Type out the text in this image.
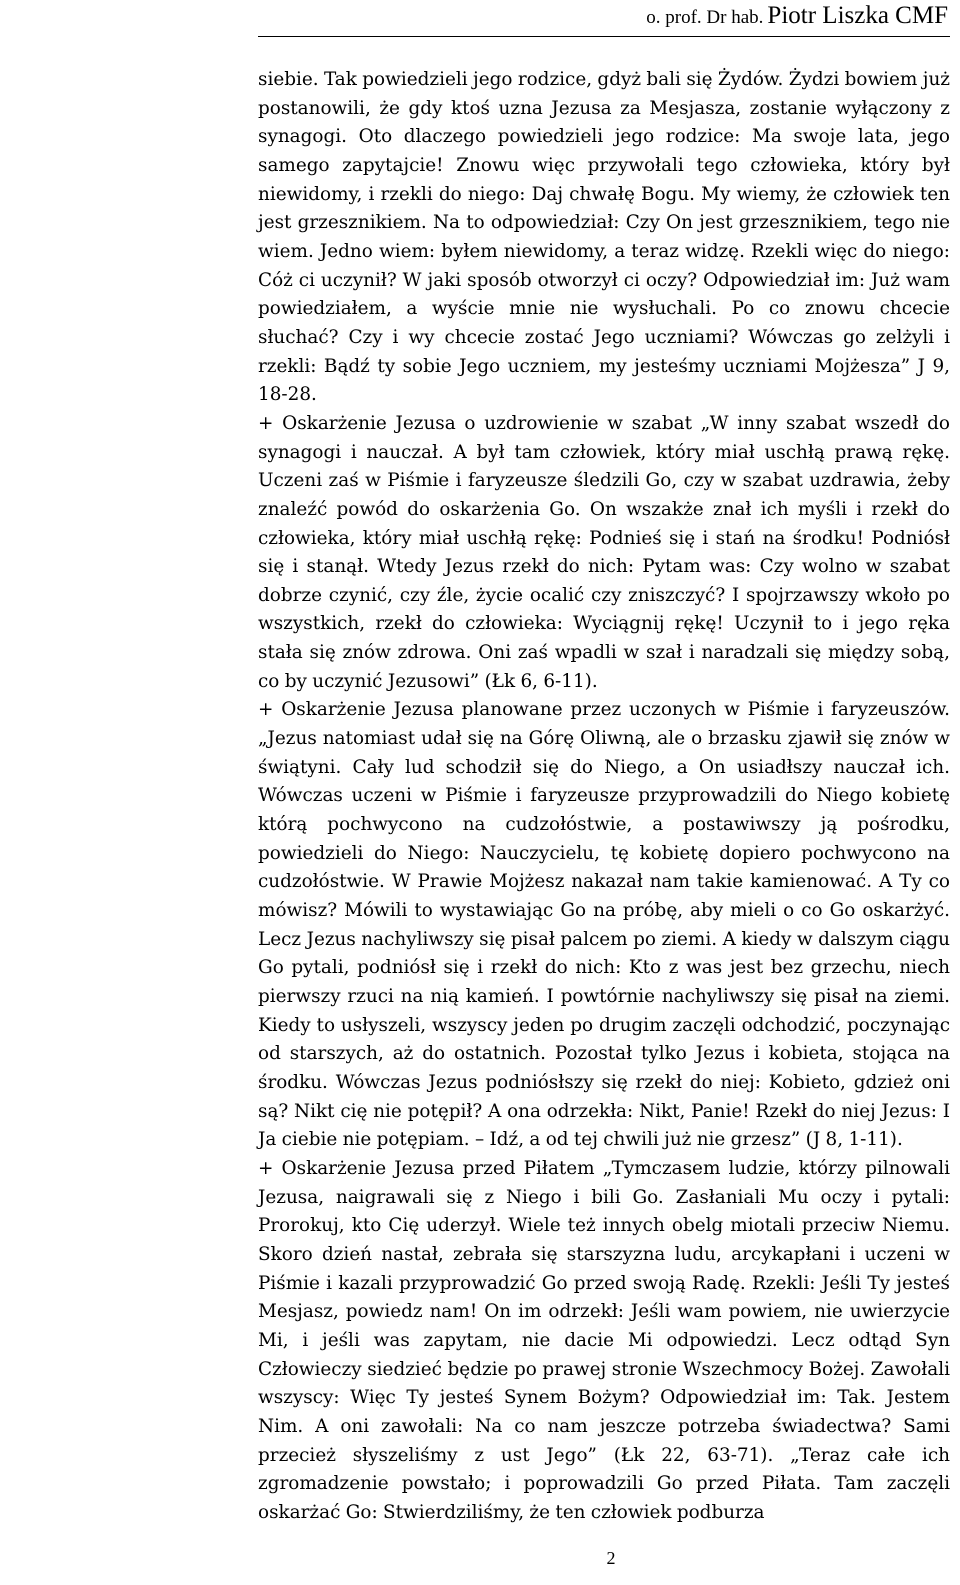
o. prof. Dr hab. Piotr Liszka CMF

siebie. Tak powiedzieli jego rodzice, gdyż bali się Żydów. Żydzi bowiem już postanowili, że gdy ktoś uzna Jezusa za Mesjasza, zostanie wyłączony z synagogi. Oto dlaczego powiedzieli jego rodzice: Ma swoje lata, jego samego zapytajcie! Znowu więc przywołali tego człowieka, który był niewidomy, i rzekli do niego: Daj chwałę Bogu. My wiemy, że człowiek ten jest grzesznikiem. Na to odpowiedział: Czy On jest grzesznikiem, tego nie wiem. Jedno wiem: byłem niewidomy, a teraz widzę. Rzekli więc do niego: Cóż ci uczynił? W jaki sposób otworzył ci oczy? Odpowiedział im: Już wam powiedziałem, a wyście mnie nie wysłuchali. Po co znowu chcecie słuchać? Czy i wy chcecie zostać Jego uczniami? Wówczas go zelżyli i rzekli: Bądź ty sobie Jego uczniem, my jesteśmy uczniami Mojżesza” J 9, 18-28.

+ Oskarżenie Jezusa o uzdrowienie w szabat „W inny szabat wszedł do synagogi i nauczał. A był tam człowiek, który miał uschłą prawą rękę. Uczeni zaś w Piśmie i faryzeusze śledzili Go, czy w szabat uzdrawia, żeby znaleźć powód do oskarżenia Go. On wszakże znał ich myśli i rzekł do człowieka, który miał uschłą rękę: Podnieś się i stań na środku! Podniósł się i stanął. Wtedy Jezus rzekł do nich: Pytam was: Czy wolno w szabat dobrze czynić, czy źle, życie ocalić czy zniszczyć? I spojrzawszy wkoło po wszystkich, rzekł do człowieka: Wyciągnij rękę! Uczynił to i jego ręka stała się znów zdrowa. Oni zaś wpadli w szał i naradzali się między sobą, co by uczynić Jezusowi” (Łk 6, 6-11).

+ Oskarżenie Jezusa planowane przez uczonych w Piśmie i faryzeuszów. „Jezus natomiast udał się na Górę Oliwną, ale o brzasku zjawił się znów w świątyni. Cały lud schodził się do Niego, a On usiadłszy nauczał ich. Wówczas uczeni w Piśmie i faryzeusze przyprowadzili do Niego kobietę którą pochwycono na cudzołóstwie, a postawiwszy ją pośrodku, powiedzieli do Niego: Nauczycielu, tę kobietę dopiero pochwycono na cudzołóstwie. W Prawie Mojżesz nakazał nam takie kamienować. A Ty co mówisz? Mówili to wystawiając Go na próbę, aby mieli o co Go oskarżyć. Lecz Jezus nachyliwszy się pisał palcem po ziemi. A kiedy w dalszym ciągu Go pytali, podniósł się i rzekł do nich: Kto z was jest bez grzechu, niech pierwszy rzuci na nią kamień. I powtórnie nachyliwszy się pisał na ziemi. Kiedy to usłyszeli, wszyscy jeden po drugim zaczęli odchodzić, poczynając od starszych, aż do ostatnich. Pozostał tylko Jezus i kobieta, stojąca na środku. Wówczas Jezus podniósłszy się rzekł do niej: Kobieto, gdzież oni są? Nikt cię nie potępił? A ona odrzekła: Nikt, Panie! Rzekł do niej Jezus: I Ja ciebie nie potępiam. – Idź, a od tej chwili już nie grzesz” (J 8, 1-11).

+ Oskarżenie Jezusa przed Piłatem „Tymczasem ludzie, którzy pilnowali Jezusa, naigrawali się z Niego i bili Go. Zasłaniali Mu oczy i pytali: Prorokuj, kto Cię uderzył. Wiele też innych obelg miotali przeciw Niemu. Skoro dzień nastał, zebrała się starszyzna ludu, arcykapłani i uczeni w Piśmie i kazali przyprowadzić Go przed swoją Radę. Rzekli: Jeśli Ty jesteś Mesjasz, powiedz nam! On im odrzekł: Jeśli wam powiem, nie uwierzycie Mi, i jeśli was zapytam, nie dacie Mi odpowiedzi. Lecz odtąd Syn Człowieczy siedzieć będzie po prawej stronie Wszechmocy Bożej. Zawołali wszyscy: Więc Ty jesteś Synem Bożym? Odpowiedział im: Tak. Jestem Nim. A oni zawołali: Na co nam jeszcze potrzeba świadectwa? Sami przecież słyszeliśmy z ust Jego” (Łk 22, 63-71). „Teraz całe ich zgromadzenie powstało; i poprowadzili Go przed Piłata. Tam zaczęli oskarżać Go: Stwierdziliśmy, że ten człowiek podburza

2
